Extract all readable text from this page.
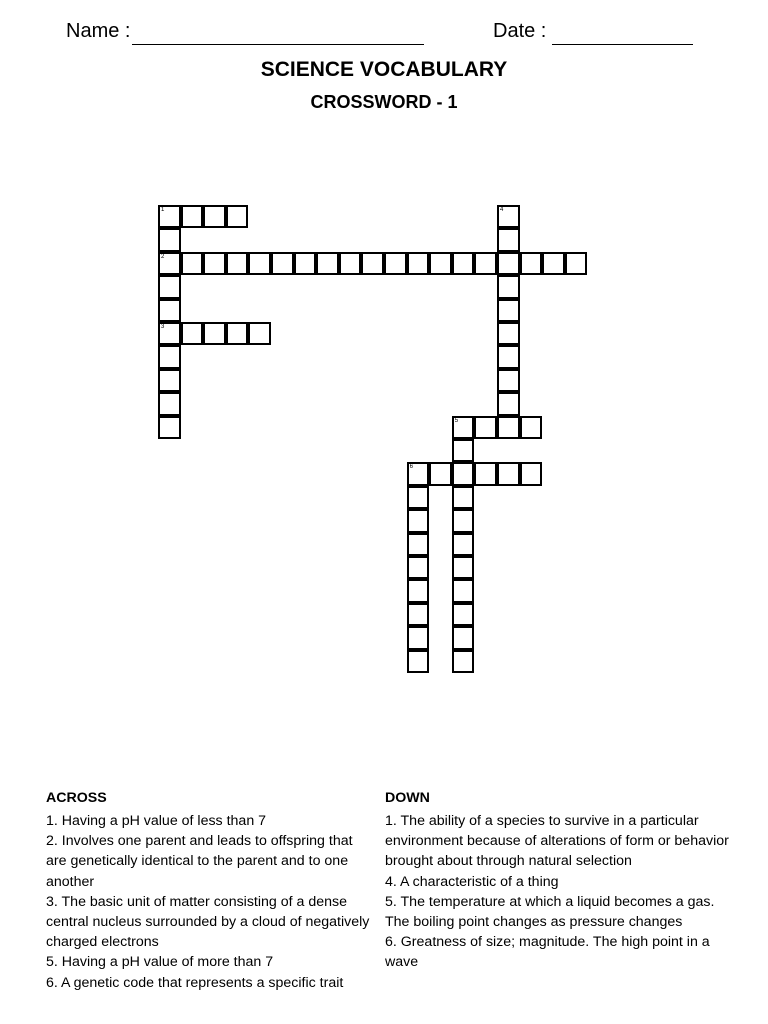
Name :	Date :
SCIENCE VOCABULARY
CROSSWORD - 1
1
2
3
4
5
6
ACROSS

1. Having a pH value of less than 7

2. Involves one parent and leads to offspring that are genetically identical to the parent and to one another

3. The basic unit of matter consisting of a dense central nucleus surrounded by a cloud of negatively charged electrons

5. Having a pH value of more than 7

6. A genetic code that represents a specific trait

DOWN

1. The ability of a species to survive in a particular environment because of alterations of form or behavior brought about through natural selection

4. A characteristic of a thing

5. The temperature at which a liquid becomes a gas. The boiling point changes as pressure changes

6. Greatness of size; magnitude. The high point in a wave
